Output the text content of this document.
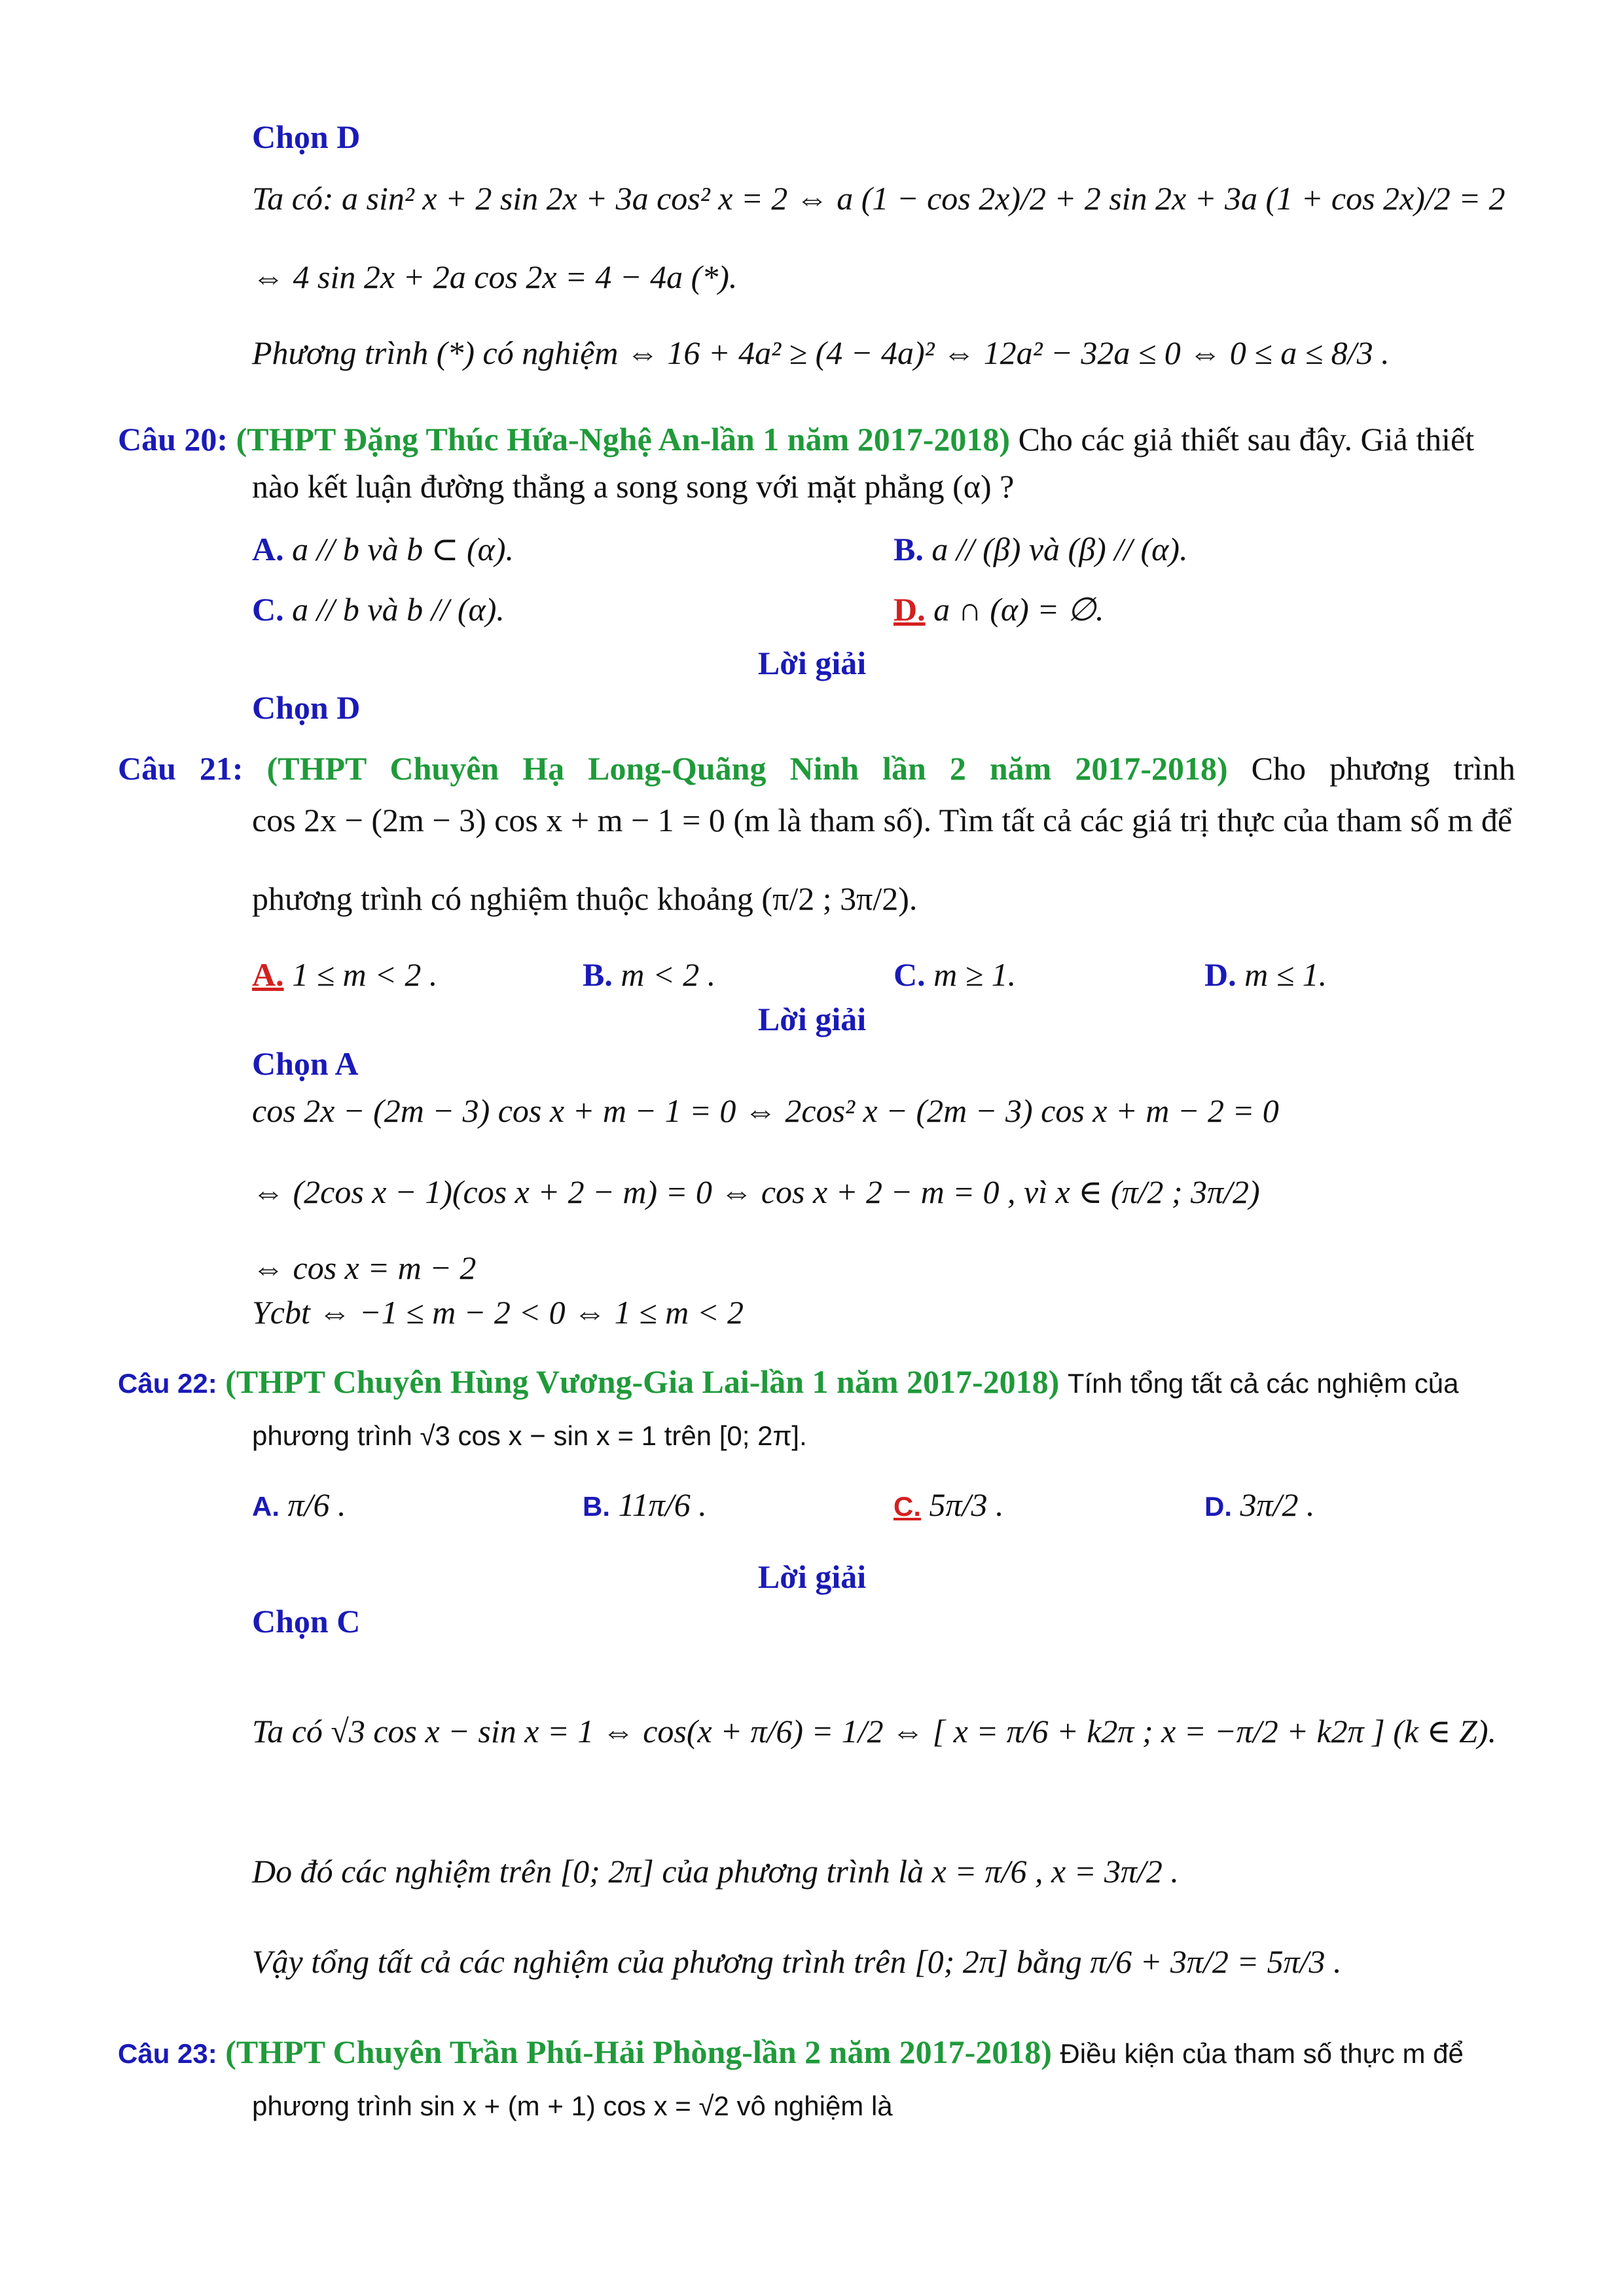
Chọn D
Ta có: a sin² x + 2 sin 2x + 3a cos² x = 2 ⇔ a (1 − cos 2x)/2 + 2 sin 2x + 3a (1 + cos 2x)/2 = 2
⇔ 4 sin 2x + 2a cos 2x = 4 − 4a (*).
Phương trình (*) có nghiệm ⇔ 16 + 4a² ≥ (4 − 4a)² ⇔ 12a² − 32a ≤ 0 ⇔ 0 ≤ a ≤ 8/3 .
Câu 20: (THPT Đặng Thúc Hứa-Nghệ An-lần 1 năm 2017-2018) Cho các giả thiết sau đây. Giả thiết
nào kết luận đường thẳng a song song với mặt phẳng (α) ?
A. a // b và b ⊂ (α).	B. a // (β) và (β) // (α).
C. a // b và b // (α).	D. a ∩ (α) = ∅.
Lời giải
Chọn D
Câu 21: (THPT Chuyên Hạ Long-Quãng Ninh lần 2 năm 2017-2018) Cho phương trình
cos 2x − (2m − 3) cos x + m − 1 = 0 (m là tham số). Tìm tất cả các giá trị thực của tham số m để
phương trình có nghiệm thuộc khoảng (π/2 ; 3π/2).
A. 1 ≤ m < 2 .	B. m < 2 .	C. m ≥ 1.	D. m ≤ 1.
Lời giải
Chọn A
cos 2x − (2m − 3) cos x + m − 1 = 0 ⇔ 2cos² x − (2m − 3) cos x + m − 2 = 0
⇔ (2cos x − 1)(cos x + 2 − m) = 0 ⇔ cos x + 2 − m = 0 , vì x ∈ (π/2 ; 3π/2)
⇔ cos x = m − 2
Ycbt ⇔ −1 ≤ m − 2 < 0 ⇔ 1 ≤ m < 2
Câu 22: (THPT Chuyên Hùng Vương-Gia Lai-lần 1 năm 2017-2018) Tính tổng tất cả các nghiệm của
phương trình √3 cos x − sin x = 1 trên [0; 2π].
A. π/6 .	B. 11π/6 .	C. 5π/3 .	D. 3π/2 .
Lời giải
Chọn C
Ta có √3 cos x − sin x = 1 ⇔ cos(x + π/6) = 1/2 ⇔ [ x = π/6 + k2π ; x = −π/2 + k2π ] (k ∈ Z).
Do đó các nghiệm trên [0; 2π] của phương trình là x = π/6 , x = 3π/2 .
Vậy tổng tất cả các nghiệm của phương trình trên [0; 2π] bằng π/6 + 3π/2 = 5π/3 .
Câu 23: (THPT Chuyên Trần Phú-Hải Phòng-lần 2 năm 2017-2018) Điều kiện của tham số thực m để
phương trình sin x + (m + 1) cos x = √2 vô nghiệm là
